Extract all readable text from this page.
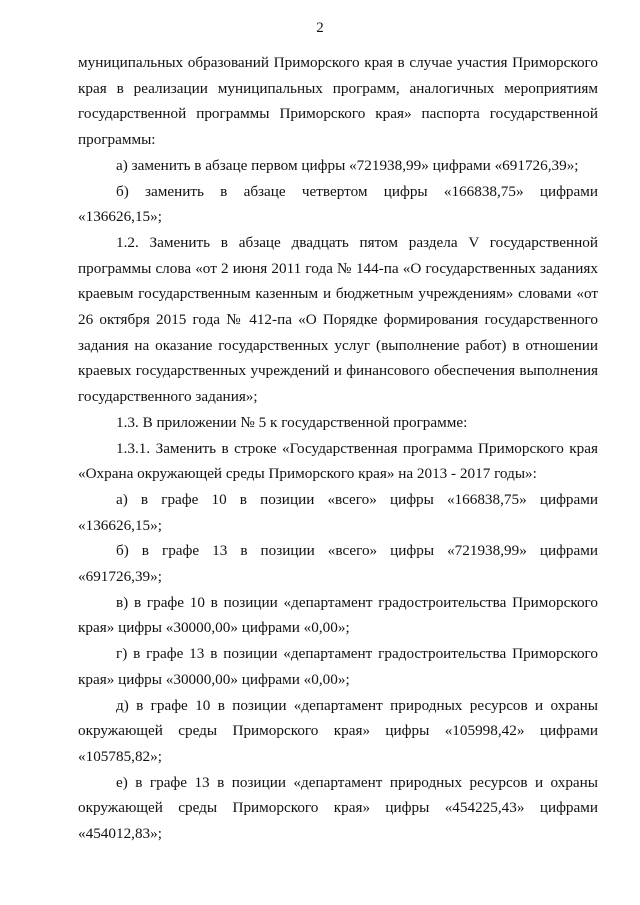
2

муниципальных образований Приморского края в случае участия Приморского края в реализации муниципальных программ, аналогичных мероприятиям государственной программы Приморского края» паспорта государственной программы:

а) заменить в абзаце первом цифры «721938,99» цифрами «691726,39»;

б) заменить в абзаце четвертом цифры «166838,75» цифрами «136626,15»;

1.2. Заменить в абзаце двадцать пятом раздела V государственной программы слова «от 2 июня 2011 года № 144-па «О государственных заданиях краевым государственным казенным и бюджетным учреждениям» словами «от 26 октября 2015 года № 412-па «О Порядке формирования государственного задания на оказание государственных услуг (выполнение работ) в отношении краевых государственных учреждений и финансового обеспечения выполнения государственного задания»;

1.3. В приложении № 5 к государственной программе:

1.3.1. Заменить в строке «Государственная программа Приморского края «Охрана окружающей среды Приморского края» на 2013 - 2017 годы»:

а) в графе 10 в позиции «всего» цифры «166838,75» цифрами «136626,15»;

б) в графе 13 в позиции «всего» цифры «721938,99» цифрами «691726,39»;

в) в графе 10 в позиции «департамент градостроительства Приморского края» цифры «30000,00» цифрами «0,00»;

г) в графе 13 в позиции «департамент градостроительства Приморского края» цифры «30000,00» цифрами «0,00»;

д) в графе 10 в позиции «департамент природных ресурсов и охраны окружающей среды Приморского края» цифры «105998,42» цифрами «105785,82»;

е) в графе 13 в позиции «департамент природных ресурсов и охраны окружающей среды Приморского края» цифры «454225,43» цифрами «454012,83»;
